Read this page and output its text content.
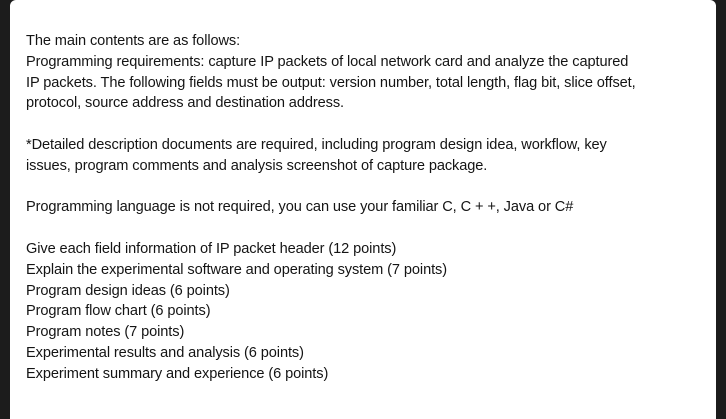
The main contents are as follows:
Programming requirements: capture IP packets of local network card and analyze the captured
IP packets. The following fields must be output: version number, total length, flag bit, slice offset,
protocol, source address and destination address.
*Detailed description documents are required, including program design idea, workflow, key
issues, program comments and analysis screenshot of capture package.
Programming language is not required, you can use your familiar C, C + +, Java or C#
Give each field information of IP packet header (12 points)
Explain the experimental software and operating system (7 points)
Program design ideas (6 points)
Program flow chart (6 points)
Program notes (7 points)
Experimental results and analysis (6 points)
Experiment summary and experience (6 points)
